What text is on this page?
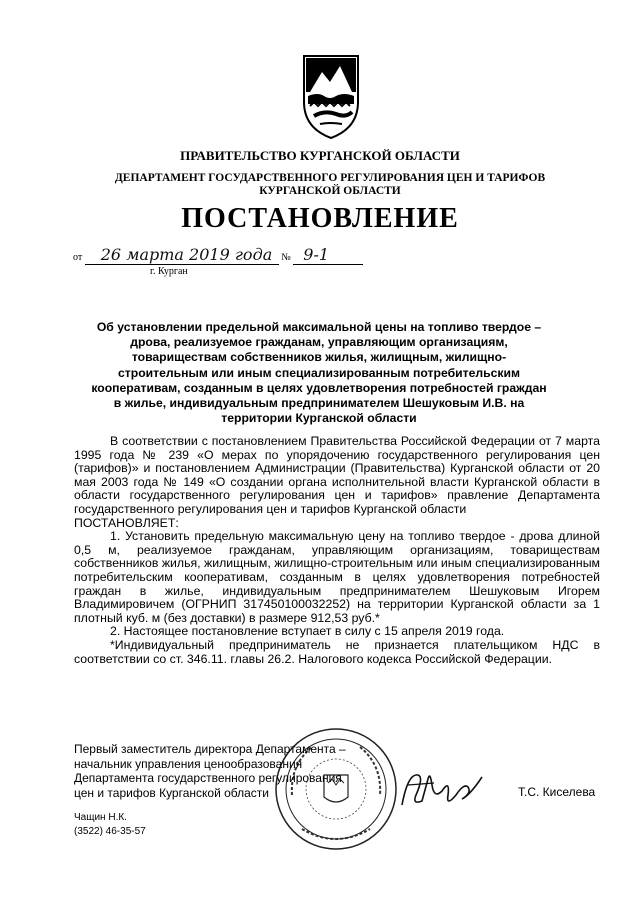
ПРАВИТЕЛЬСТВО КУРГАНСКОЙ ОБЛАСТИ
ДЕПАРТАМЕНТ ГОСУДАРСТВЕННОГО РЕГУЛИРОВАНИЯ ЦЕН И ТАРИФОВ КУРГАНСКОЙ ОБЛАСТИ
ПОСТАНОВЛЕНИЕ
от 26 марта 2019 года № 9-1
г. Курган
Об установлении предельной максимальной цены на топливо твердое – дрова, реализуемое гражданам, управляющим организациям, товариществам собственников жилья, жилищным, жилищно-строительным или иным специализированным потребительским кооперативам, созданным в целях удовлетворения потребностей граждан в жилье, индивидуальным предпринимателем Шешуковым И.В. на территории Курганской области

В соответствии с постановлением Правительства Российской Федерации от 7 марта 1995 года № 239 «О мерах по упорядочению государственного регулирования цен (тарифов)» и постановлением Администрации (Правительства) Курганской области от 20 мая 2003 года № 149 «О создании органа исполнительной власти Курганской области в области государственного регулирования цен и тарифов» правление Департамента государственного регулирования цен и тарифов Курганской области

ПОСТАНОВЛЯЕТ:

1. Установить предельную максимальную цену на топливо твердое - дрова длиной 0,5 м, реализуемое гражданам, управляющим организациям, товариществам собственников жилья, жилищным, жилищно-строительным или иным специализированным потребительским кооперативам, созданным в целях удовлетворения потребностей граждан в жилье, индивидуальным предпринимателем Шешуковым Игорем Владимировичем (ОГРНИП 317450100032252) на территории Курганской области за 1 плотный куб. м (без доставки) в размере 912,53 руб.*

2. Настоящее постановление вступает в силу с 15 апреля 2019 года.

*Индивидуальный предприниматель не признается плательщиком НДС в соответствии со ст. 346.11. главы 26.2. Налогового кодекса Российской Федерации.

Первый заместитель директора Департамента –
начальник управления ценообразования
Департамента государственного регулирования
цен и тарифов Курганской области	Т.С. Киселева
Чащин Н.К.
(3522) 46-35-57
